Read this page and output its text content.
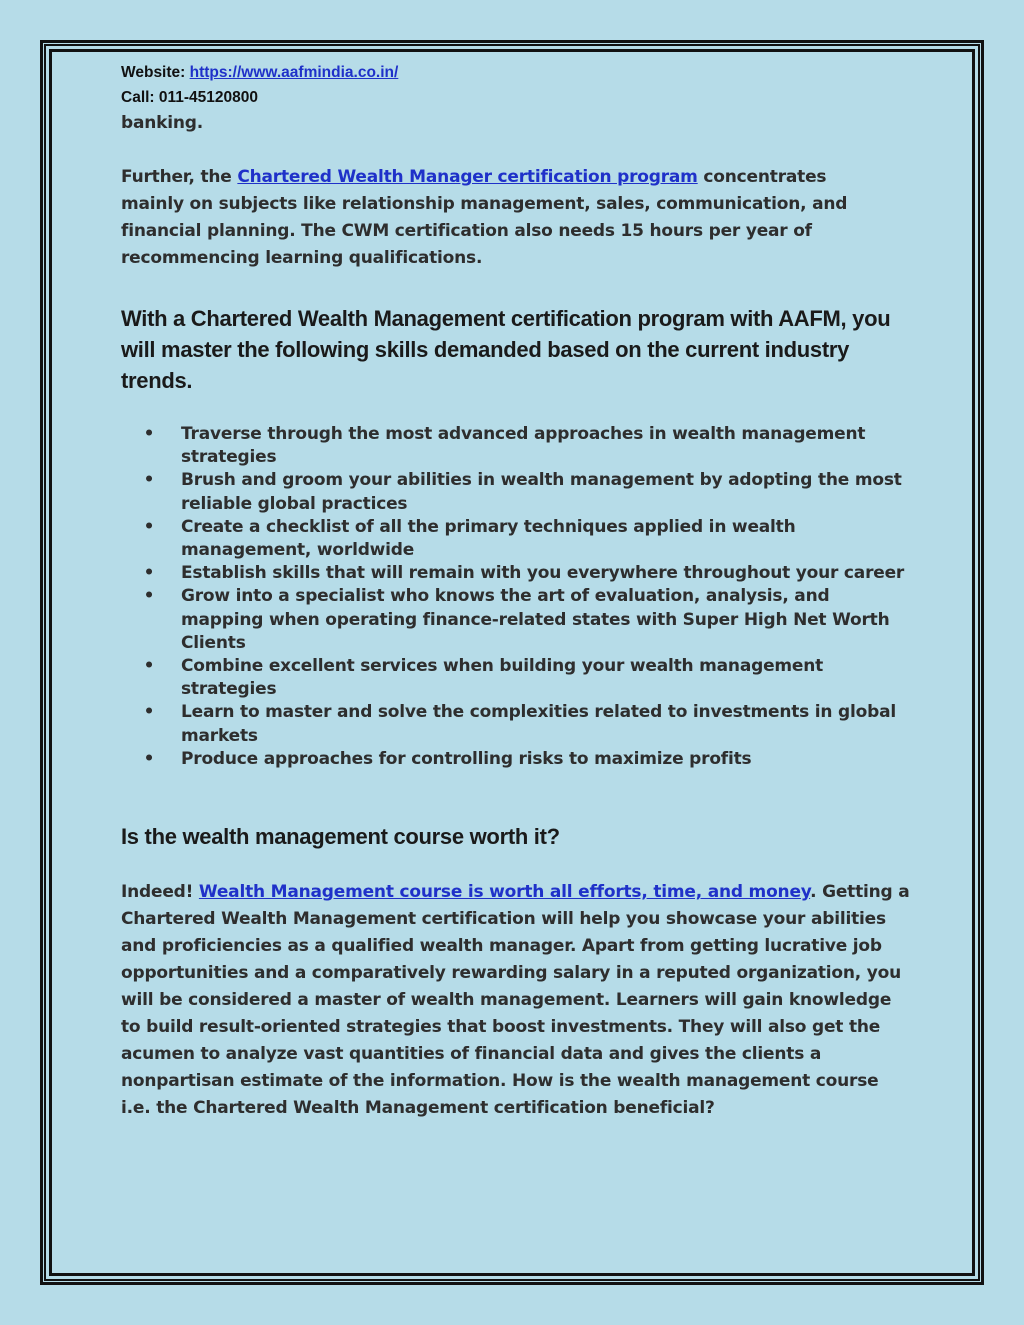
Website: https://www.aafmindia.co.in/
Call: 011-45120800
banking.
Further, the Chartered Wealth Manager certification program concentrates mainly on subjects like relationship management, sales, communication, and financial planning. The CWM certification also needs 15 hours per year of recommencing learning qualifications.
With a Chartered Wealth Management certification program with AAFM, you will master the following skills demanded based on the current industry trends.
• Traverse through the most advanced approaches in wealth management strategies
• Brush and groom your abilities in wealth management by adopting the most reliable global practices
• Create a checklist of all the primary techniques applied in wealth management, worldwide
• Establish skills that will remain with you everywhere throughout your career
• Grow into a specialist who knows the art of evaluation, analysis, and mapping when operating finance-related states with Super High Net Worth Clients
• Combine excellent services when building your wealth management strategies
• Learn to master and solve the complexities related to investments in global markets
• Produce approaches for controlling risks to maximize profits
Is the wealth management course worth it?
Indeed! Wealth Management course is worth all efforts, time, and money. Getting a Chartered Wealth Management certification will help you showcase your abilities and proficiencies as a qualified wealth manager. Apart from getting lucrative job opportunities and a comparatively rewarding salary in a reputed organization, you will be considered a master of wealth management. Learners will gain knowledge to build result-oriented strategies that boost investments. They will also get the acumen to analyze vast quantities of financial data and gives the clients a nonpartisan estimate of the information. How is the wealth management course i.e. the Chartered Wealth Management certification beneficial?
